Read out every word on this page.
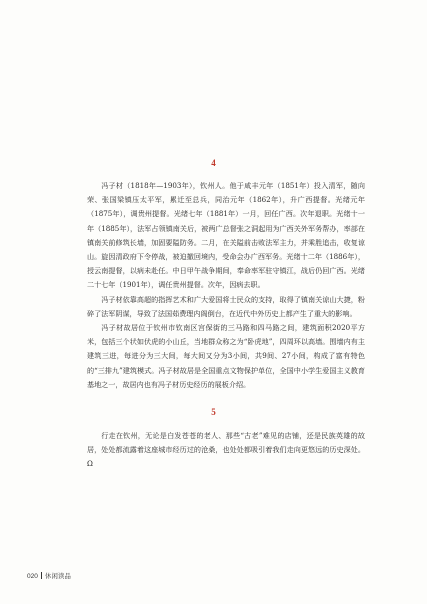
4

冯子材（1818年—1903年），钦州人。他于咸丰元年（1851年）投入清军，随向荣、张国梁镇压太平军，累迁至总兵，同治元年（1862年），升广西提督。光绪元年（1875年），调贵州提督。光绪七年（1881年）一月，回任广西。次年退职。光绪十一年（1885年），法军占领镇南关后，被两广总督张之洞起用为广西关外军务帮办，率部在镇南关前修筑长墙，加固要隘防务。二月，在关隘前击败法军主力，并乘胜追击，收复谅山。旋因清政府下令停战，被迫撤回境内，受命会办广西军务。光绪十二年（1886年），授云南提督，以病未赴任。中日甲午战争期间，奉命率军驻守镇江，战后仍回广西。光绪二十七年（1901年），调任贵州提督。次年，因病去职。

冯子材依靠高超的指挥艺术和广大爱国将士民众的支持，取得了镇南关谅山大捷，粉碎了法军阴谋，导致了法国茹费理内阁倒台，在近代中外历史上都产生了重大的影响。

冯子材故居位于钦州市钦南区宫保街的三马路和四马路之间，建筑面积2020平方米，包括三个状如伏虎的小山丘，当地群众称之为“卧虎地”，四周环以高墙。围墙内有主建筑三进，每进分为三大间，每大间又分为3小间，共9间、27小间，构成了富有特色的“三排九”建筑模式。冯子材故居是全国重点文物保护单位，全国中小学生爱国主义教育基地之一，故居内也有冯子材历史经历的展板介绍。

5

行走在钦州，无论是白发苍苍的老人、那些“古老”难见的店铺，还是民族英雄的故居，处处都流露着这座城市经历过的沧桑，也处处都吸引着我们走向更悠远的历史深处。Ω

020 休闲读品
